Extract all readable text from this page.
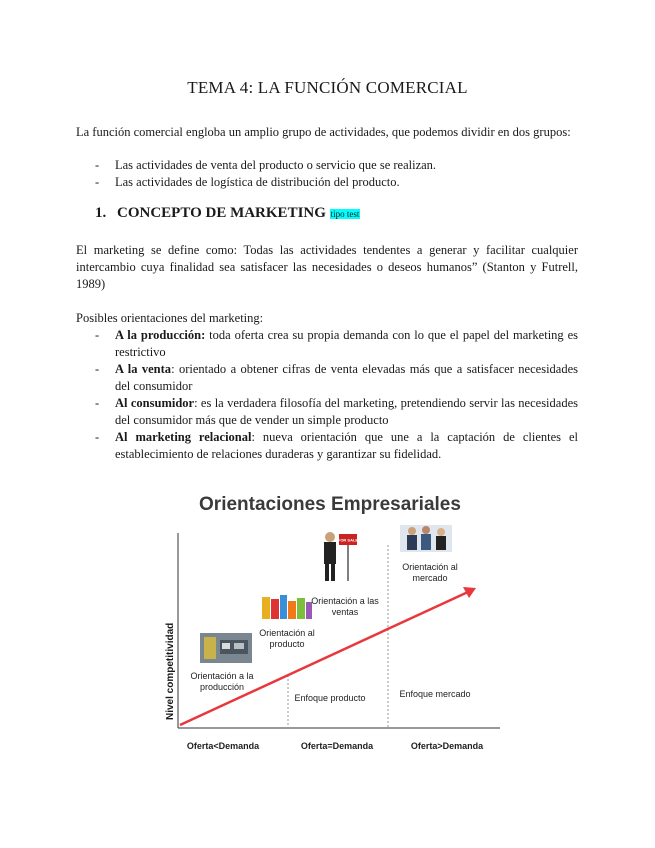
TEMA 4: LA FUNCIÓN COMERCIAL

La función comercial engloba un amplio grupo de actividades, que podemos dividir en dos grupos:

- Las actividades de venta del producto o servicio que se realizan.
- Las actividades de logística de distribución del producto.
1. CONCEPTO DE MARKETING tipo test

El marketing se define como: Todas las actividades tendentes a generar y facilitar cualquier intercambio cuya finalidad sea satisfacer las necesidades o deseos humanos” (Stanton y Futrell, 1989)

Posibles orientaciones del marketing:

- A la producción: toda oferta crea su propia demanda con lo que el papel del marketing es restrictivo
- A la venta: orientado a obtener cifras de venta elevadas más que a satisfacer necesidades del consumidor
- Al consumidor: es la verdadera filosofía del marketing, pretendiendo servir las necesidades del consumidor más que de vender un simple producto
- Al marketing relacional: nueva orientación que une a la captación de clientes el establecimiento de relaciones duraderas y garantizar su fidelidad.
Orientaciones Empresariales
FOR SALE
Nivel competitividad	Orientación a la producción
Orientación al producto
Orientación a las ventas
Orientación al mercado
Enfoque producto	Enfoque mercado
Oferta<Demanda	Oferta=Demanda	Oferta>Demanda
